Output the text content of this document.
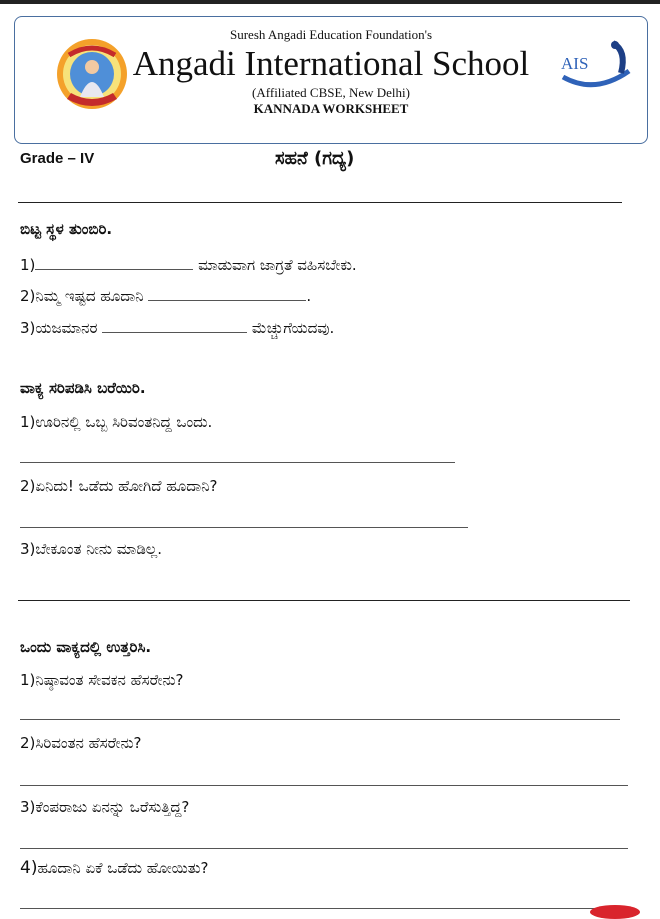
Suresh Angadi Education Foundation's
Angadi International School
(Affiliated CBSE, New Delhi)
KANNADA WORKSHEET
AIS
Grade – IV	ಸಹನೆ (ಗದ್ಯ)
ಬಿಟ್ಟ ಸ್ಥಳ ತುಂಬಿರಿ.
1)	ಮಾಡುವಾಗ ಜಾಗ್ರತೆ ವಹಿಸಬೇಕು.
2)ನಿಮ್ಮ ಇಷ್ಟದ ಹೂದಾನಿ	.
3)ಯಜಮಾನರ	ಮೆಚ್ಚುಗೆಯದವು.
ವಾಕ್ಯ ಸರಿಪಡಿಸಿ ಬರೆಯಿರಿ.
1)ಊರಿನಲ್ಲಿ ಒಬ್ಬ ಸಿರಿವಂತನಿದ್ದ ಒಂದು.
2)ಏನಿದು! ಒಡೆದು ಹೋಗಿದೆ ಹೂದಾನಿ?
3)ಬೇಕೂಂತ ನೀನು ಮಾಡಿಲ್ಲ.
ಒಂದು ವಾಕ್ಯದಲ್ಲಿ ಉತ್ತರಿಸಿ.
1)ನಿಷ್ಠಾವಂತ ಸೇವಕನ ಹೆಸರೇನು?
2)ಸಿರಿವಂತನ ಹೆಸರೇನು?
3)ಕೆಂಪರಾಜು ಏನನ್ನು ಒರೆಸುತ್ತಿದ್ದ?
4)ಹೂದಾನಿ ಏಕೆ ಒಡೆದು ಹೋಯಿತು?
